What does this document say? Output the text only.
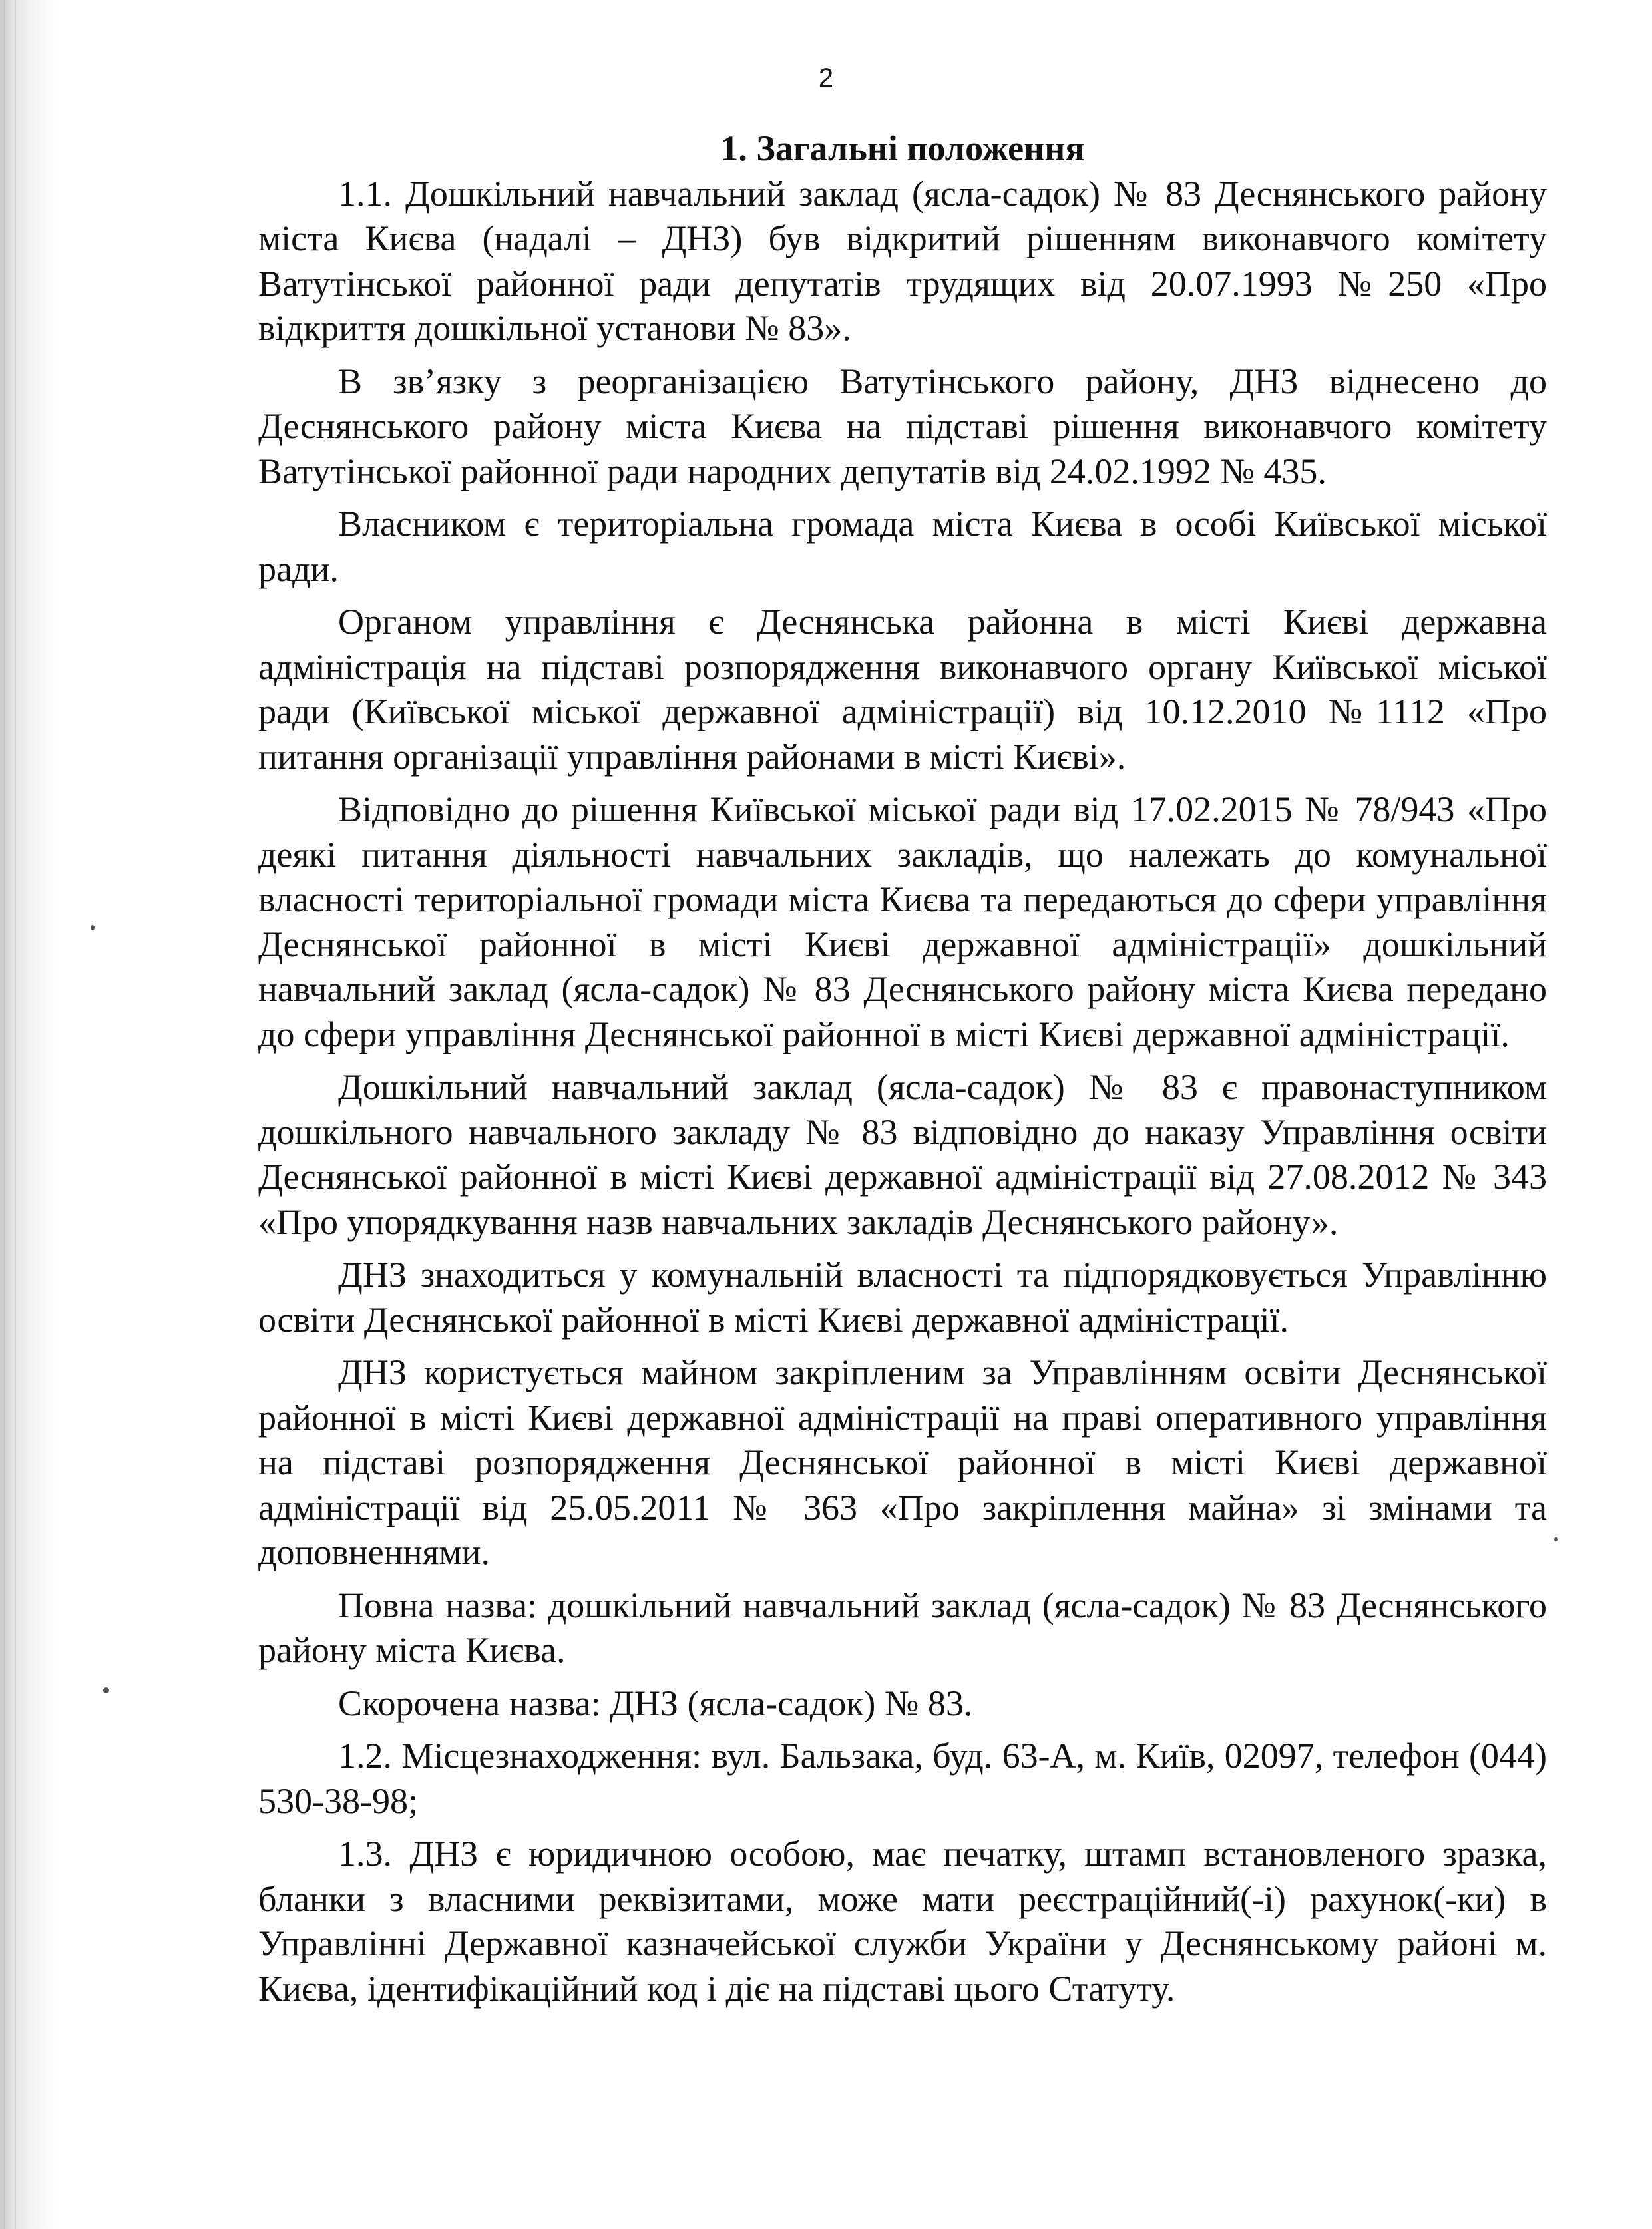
2
1. Загальні положення

1.1. Дошкільний навчальний заклад (ясла-садок) № 83 Деснянського району міста Києва (надалі – ДНЗ) був відкритий рішенням виконавчого комітету Ватутінської районної ради депутатів трудящих від 20.07.1993 №250 «Про відкриття дошкільної установи № 83».

В зв’язку з реорганізацією Ватутінського району, ДНЗ віднесено до Деснянського району міста Києва на підставі рішення виконавчого комітету Ватутінської районної ради народних депутатів від 24.02.1992 № 435.

Власником є територіальна громада міста Києва в особі Київської міської ради.

Органом управління є Деснянська районна в місті Києві державна адміністрація на підставі розпорядження виконавчого органу Київської міської ради (Київської міської державної адміністрації) від 10.12.2010 №1112 «Про питання організації управління районами в місті Києві».

Відповідно до рішення Київської міської ради від 17.02.2015 № 78/943 «Про деякі питання діяльності навчальних закладів, що належать до комунальної власності територіальної громади міста Києва та передаються до сфери управління Деснянської районної в місті Києві державної адміністрації» дошкільний навчальний заклад (ясла-садок) № 83 Деснянського району міста Києва передано до сфери управління Деснянської районної в місті Києві державної адміністрації.

Дошкільний навчальний заклад (ясла-садок) № 83 є правонаступником дошкільного навчального закладу № 83 відповідно до наказу Управління освіти Деснянської районної в місті Києві державної адміністрації від 27.08.2012 № 343 «Про упорядкування назв навчальних закладів Деснянського району».

ДНЗ знаходиться у комунальній власності та підпорядковується Управлінню освіти Деснянської районної в місті Києві державної адміністрації.

ДНЗ користується майном закріпленим за Управлінням освіти Деснянської районної в місті Києві державної адміністрації на праві оперативного управління на підставі розпорядження Деснянської районної в місті Києві державної адміністрації від 25.05.2011 № 363 «Про закріплення майна» зі змінами та доповненнями.

Повна назва: дошкільний навчальний заклад (ясла-садок) № 83 Деснянського району міста Києва.

Скорочена назва: ДНЗ (ясла-садок) № 83.

1.2. Місцезнаходження: вул. Бальзака, буд. 63-А, м. Київ, 02097, телефон (044) 530-38-98;

1.3. ДНЗ є юридичною особою, має печатку, штамп встановленого зразка, бланки з власними реквізитами, може мати реєстраційний(-і) рахунок(-ки) в Управлінні Державної казначейської служби України у Деснянському районі м. Києва, ідентифікаційний код і діє на підставі цього Статуту.
